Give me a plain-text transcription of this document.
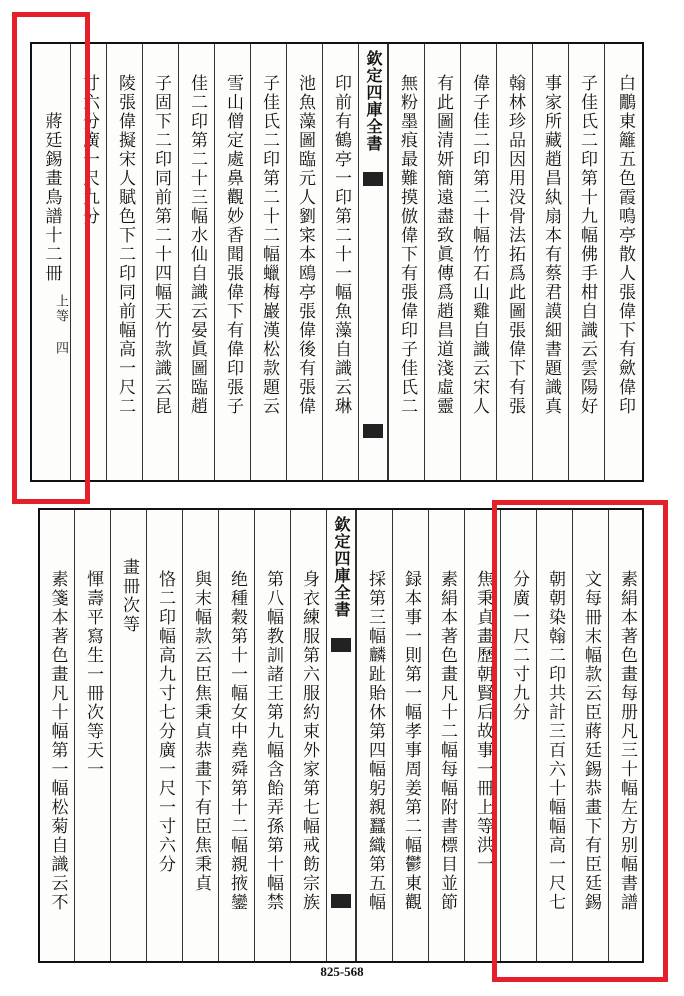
白鷳東籬五色霞鳴亭散人張偉下有歛偉印
子佳氏二印第十九幅佛手柑自識云雲陽好
事家所藏趙昌紈扇本有蔡君謨細書題識真
翰林珍品因用没骨法拓爲此圖張偉下有張
偉子佳二印第二十幅竹石山雞自識云宋人
有此圖清妍簡遠盡致眞傳爲趙昌道淺虛靈
無粉墨痕最難摸倣偉下有張偉印子佳氏二
欽定四庫全書
印前有鶴亭一印第二十一幅魚藻自識云琳
池魚藻圖臨元人劉寀本鴎亭張偉後有張偉
子佳氏二印第二十二幅蠟梅巖漢松款題云
雪山僧定處鼻觀妙香聞張偉下有偉印張子
佳二印第二十三幅水仙自識云晏眞圖臨趙
子固下二印同前第二十四幅天竹款識云昆
陵張偉擬宋人賦色下二印同前幅高一尺二
寸六分廣一尺九分
蔣廷錫畫鳥譜十二冊
上等 四
素絹本著色畫每册凡三十幅左方别幅書譜
文每冊末幅款云臣蔣廷錫恭畫下有臣廷錫
朝朝染翰二印共計三百六十幅幅高一尺七
分廣一尺二寸九分
焦秉貞畫歷朝賢后故事一冊上等洪一
素絹本著色畫凡十二幅每幅附書標目並節
録本事一則第一幅孝事周姜第二幅鬱東觀
採第三幅麟趾貽休第四幅躬親蠶織第五幅
欽定四庫全書
身衣練服第六服約束外家第七幅戒飭宗族
第八幅教訓諸王第九幅含飴弄孫第十幅禁
绝種穀第十一幅女中堯舜第十二幅親掖鑾
與末幅款云臣焦秉貞恭畫下有臣焦秉貞
恪二印幅高九寸七分廣一尺一寸六分
畫冊次等
惲壽平寫生一冊次等天一
素箋本著色畫凡十幅第一幅松菊自識云不
825-568
